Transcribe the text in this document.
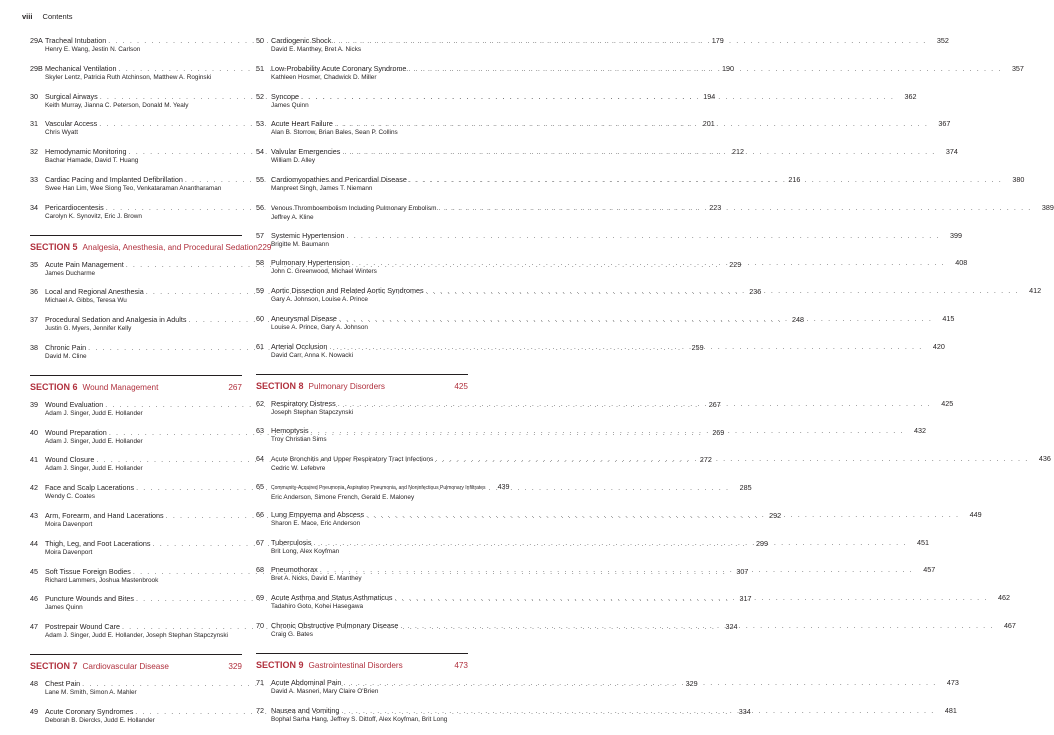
viii Contents
29A Tracheal Intubation . . .	179
Henry E. Wang, Jestin N. Carlson
29B Mechanical Ventilation . . .	190
Skyler Lentz, Patricia Ruth Atchinson, Matthew A. Roginski
30 Surgical Airways . . .	194
Keith Murray, Jiannа C. Peterson, Donald M. Yealy
31 Vascular Access . . .	201
Chris Wyatt
32 Hemodynamic Monitoring . . .	212
Bachar Hamade, David T. Huang
33 Cardiac Pacing and Implanted Defibrillation . . .	216
Swee Han Lim, Wee Siong Teo, Venkataraman Anantharaman
34 Pericardiocentesis . . .	223
Carolyn K. Synovitz, Eric J. Brown
SECTION 5 Analgesia, Anesthesia, and Procedural Sedation 229
35 Acute Pain Management . . .	229
James Ducharme
36 Local and Regional Anesthesia . . .	236
Michael A. Gibbs, Teresa Wu
37 Procedural Sedation and Analgesia in Adults . . .	248
Justin G. Myers, Jennifer Kelly
38 Chronic Pain . . .	259
David M. Cline
SECTION 6 Wound Management	267
39 Wound Evaluation . . .	267
Adam J. Singer, Judd E. Hollander
40 Wound Preparation . . .	269
Adam J. Singer, Judd E. Hollander
41 Wound Closure . . .	272
Adam J. Singer, Judd E. Hollander
42 Face and Scalp Lacerations . . .	285
Wendy C. Coates
43 Arm, Forearm, and Hand Lacerations . . .	292
Moira Davenport
44 Thigh, Leg, and Foot Lacerations . . .	299
Moira Davenport
45 Soft Tissue Foreign Bodies . . .	307
Richard Lammers, Joshua Mastenbrook
46 Puncture Wounds and Bites . . .	317
James Quinn
47 Postrepair Wound Care . . .	324
Adam J. Singer, Judd E. Hollander, Joseph Stephan Stapczynski
SECTION 7 Cardiovascular Disease	329
48 Chest Pain . . .	329
Lane M. Smith, Simon A. Mahler
49 Acute Coronary Syndromes . . .	334
Deborah B. Diercks, Judd E. Hollander
50 Cardiogenic Shock . . .	352
David E. Manthey, Bret A. Nicks
51 Low-Probability Acute Coronary Syndrome . . .	357
Kathleen Hosmer, Chadwick D. Miller
52 Syncope . . .	362
James Quinn
53 Acute Heart Failure . . .	367
Alan B. Storrow, Brian Bales, Sean P. Collins
54 Valvular Emergencies . . .	374
William D. Alley
55 Cardiomyopathies and Pericardial Disease . . .	380
Manpreet Singh, James T. Niemann
56	Venous Thromboembolism Including Pulmonary Embolism . . .	389
Jeffrey A. Kline
57 Systemic Hypertension . . .	399
Brigitte M. Baumann
58 Pulmonary Hypertension . . .	408
John C. Greenwood, Michael Winters
59 Aortic Dissection and Related Aortic Syndromes . . .	412
Gary A. Johnson, Louise A. Prince
60 Aneurysmal Disease . . .	415
Louise A. Prince, Gary A. Johnson
61 Arterial Occlusion . . .	420
David Carr, Anna K. Nowacki
SECTION 8 Pulmonary Disorders	425
62 Respiratory Distress . . .	425
Joseph Stephan Stapczynski
63 Hemoptysis . . .	432
Troy Christian Sims
64	Acute Bronchitis and Upper Respiratory Tract Infections . . .	436
Cedric W. Lefebvre
65	Community-Acquired Pneumonia, Aspiration Pneumonia, and Noninfectious Pulmonary Infiltrates	439
Eric Anderson, Simone French, Gerald E. Maloney
66 Lung Empyema and Abscess . . .	449
Sharon E. Mace, Eric Anderson
67 Tuberculosis . . .	451
Brit Long, Alex Koyfman
68 Pneumothorax . . .	457
Bret A. Nicks, David E. Manthey
69 Acute Asthma and Status Asthmaticus . . .	462
Tadahiro Goto, Kohei Hasegawa
70 Chronic Obstructive Pulmonary Disease . . .	467
Craig G. Bates
SECTION 9 Gastrointestinal Disorders	473
71 Acute Abdominal Pain . . .	473
David A. Masneri, Mary Claire O'Brien
72 Nausea and Vomiting . . .	481
Bophal Sarha Hang, Jeffrey S. Dittoff, Alex Koyfman, Brit Long
